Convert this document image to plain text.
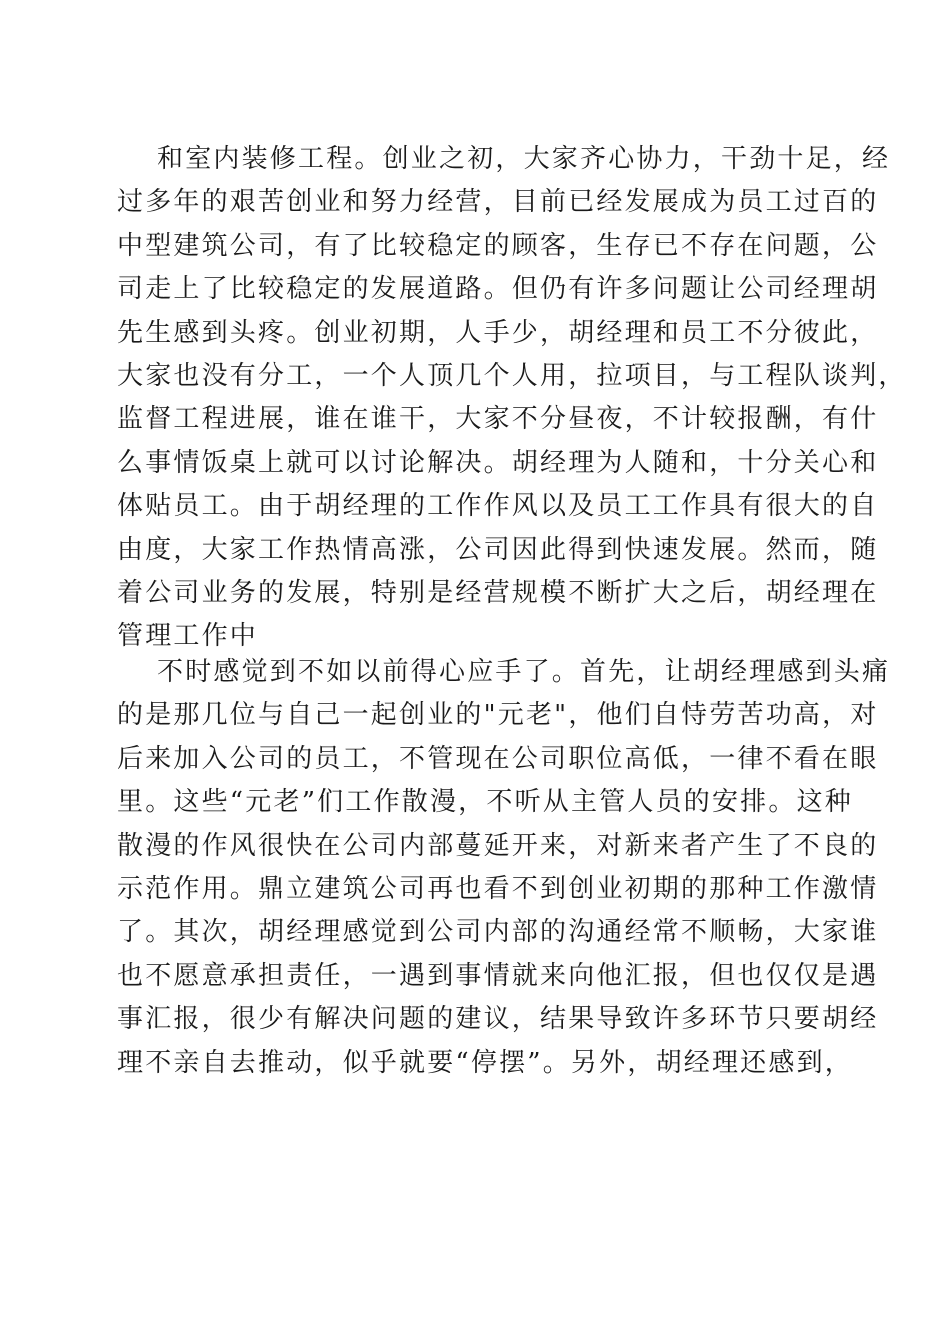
和室内装修工程。创业之初，大家齐心协力，干劲十足，经
过多年的艰苦创业和努力经营，目前已经发展成为员工过百的
中型建筑公司，有了比较稳定的顾客，生存已不存在问题，公
司走上了比较稳定的发展道路。但仍有许多问题让公司经理胡
先生感到头疼。创业初期，人手少，胡经理和员工不分彼此，
大家也没有分工，一个人顶几个人用，拉项目，与工程队谈判，
监督工程进展，谁在谁干，大家不分昼夜，不计较报酬，有什
么事情饭桌上就可以讨论解决。胡经理为人随和，十分关心和
体贴员工。由于胡经理的工作作风以及员工工作具有很大的自
由度，大家工作热情高涨，公司因此得到快速发展。然而，随
着公司业务的发展，特别是经营规模不断扩大之后，胡经理在
管理工作中
不时感觉到不如以前得心应手了。首先，让胡经理感到头痛
的是那几位与自己一起创业的"元老"，他们自恃劳苦功高，对
后来加入公司的员工，不管现在公司职位高低，一律不看在眼
里。这些“元老”们工作散漫，不听从主管人员的安排。这种
散漫的作风很快在公司内部蔓延开来，对新来者产生了不良的
示范作用。鼎立建筑公司再也看不到创业初期的那种工作激情
了。其次，胡经理感觉到公司内部的沟通经常不顺畅，大家谁
也不愿意承担责任，一遇到事情就来向他汇报，但也仅仅是遇
事汇报，很少有解决问题的建议，结果导致许多环节只要胡经
理不亲自去推动，似乎就要“停摆”。另外，胡经理还感到，
